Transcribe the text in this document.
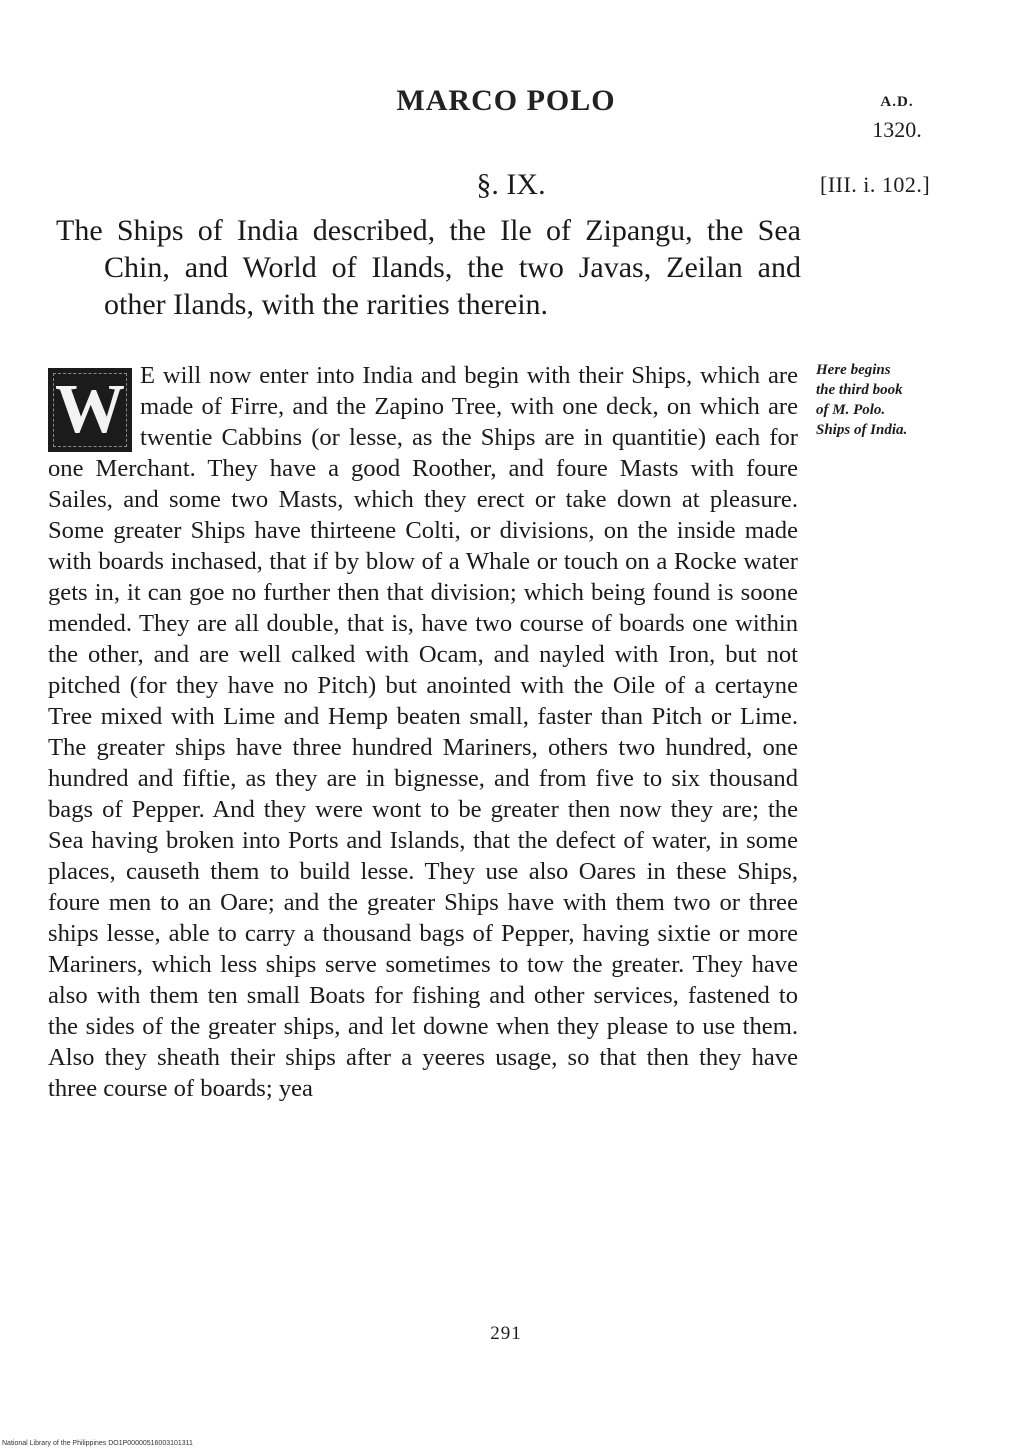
MARCO POLO	A.D.
1320.
§. IX.	[III. i. 102.]
The Ships of India described, the Ile of Zipangu, the Sea Chin, and World of Ilands, the two Javas, Zeilan and other Ilands, with the rarities therein.
Here begins
the third book
of M. Polo.
Ships of India.
W E will now enter into India and begin with their Ships, which are made of Firre, and the Zapino Tree, with one deck, on which are twentie Cabbins (or lesse, as the Ships are in quantitie) each for one Merchant. They have a good Roother, and foure Masts with foure Sailes, and some two Masts, which they erect or take down at pleasure. Some greater Ships have thirteene Colti, or divisions, on the inside made with boards inchased, that if by blow of a Whale or touch on a Rocke water gets in, it can goe no further then that division; which being found is soone mended. They are all double, that is, have two course of boards one within the other, and are well calked with Ocam, and nayled with Iron, but not pitched (for they have no Pitch) but anointed with the Oile of a certayne Tree mixed with Lime and Hemp beaten small, faster than Pitch or Lime. The greater ships have three hundred Mariners, others two hundred, one hundred and fiftie, as they are in bignesse, and from five to six thousand bags of Pepper. And they were wont to be greater then now they are; the Sea having broken into Ports and Islands, that the defect of water, in some places, causeth them to build lesse. They use also Oares in these Ships, foure men to an Oare; and the greater Ships have with them two or three ships lesse, able to carry a thousand bags of Pepper, having sixtie or more Mariners, which less ships serve sometimes to tow the greater. They have also with them ten small Boats for fishing and other services, fastened to the sides of the greater ships, and let downe when they please to use them. Also they sheath their ships after a yeeres usage, so that then they have three course of boards; yea
291
National Library of the Philippines DO1P00000516003101311
